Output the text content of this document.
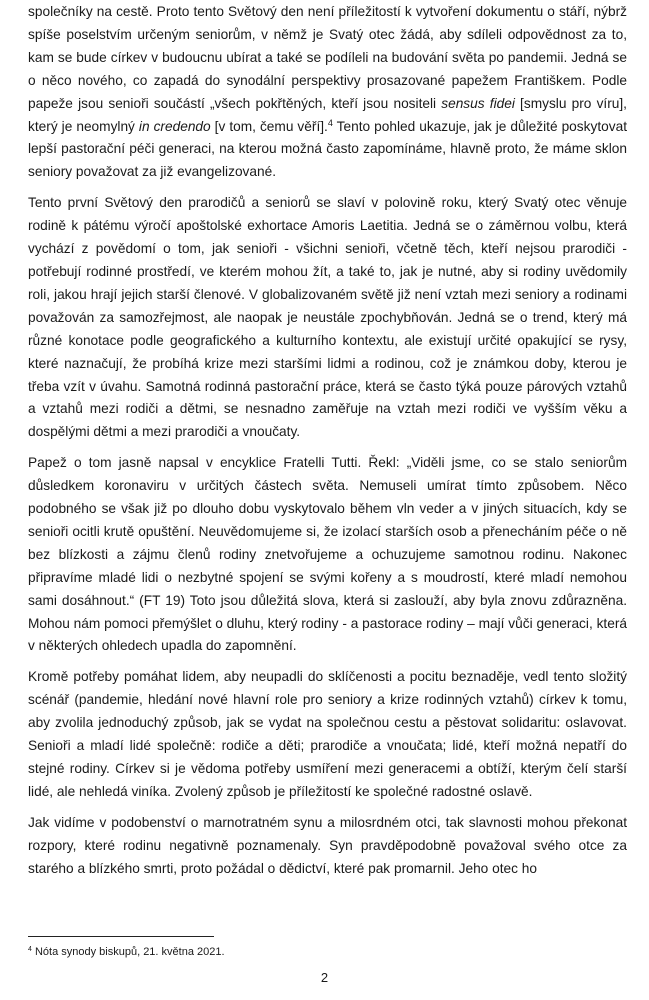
společníky na cestě. Proto tento Světový den není příležitostí k vytvoření dokumentu o stáří, nýbrž spíše poselstvím určeným seniorům, v němž je Svatý otec žádá, aby sdíleli odpovědnost za to, kam se bude církev v budoucnu ubírat a také se podíleli na budování světa po pandemii. Jedná se o něco nového, co zapadá do synodální perspektivy prosazované papežem Františkem. Podle papeže jsou senioři součástí „všech pokřtěných, kteří jsou nositeli sensus fidei [smyslu pro víru], který je neomylný in credendo [v tom, čemu věří].$^4$ Tento pohled ukazuje, jak je důležité poskytovat lepší pastorační péči generaci, na kterou možná často zapomínáme, hlavně proto, že máme sklon seniory považovat za již evangelizované.

Tento první Světový den prarodičů a seniorů se slaví v polovině roku, který Svatý otec věnuje rodině k pátému výročí apoštolské exhortace Amoris Laetitia. Jedná se o záměrnou volbu, která vychází z povědomí o tom, jak senioři - všichni senioři, včetně těch, kteří nejsou prarodiči - potřebují rodinné prostředí, ve kterém mohou žít, a také to, jak je nutné, aby si rodiny uvědomily roli, jakou hrají jejich starší členové. V globalizovaném světě již není vztah mezi seniory a rodinami považován za samozřejmost, ale naopak je neustále zpochybňován. Jedná se o trend, který má různé konotace podle geografického a kulturního kontextu, ale existují určité opakující se rysy, které naznačují, že probíhá krize mezi staršími lidmi a rodinou, což je známkou doby, kterou je třeba vzít v úvahu. Samotná rodinná pastorační práce, která se často týká pouze párových vztahů a vztahů mezi rodiči a dětmi, se nesnadno zaměřuje na vztah mezi rodiči ve vyšším věku a dospělými dětmi a mezi prarodiči a vnoučaty.

Papež o tom jasně napsal v encyklice Fratelli Tutti. Řekl: „Viděli jsme, co se stalo seniorům důsledkem koronaviru v určitých částech světa. Nemuseli umírat tímto způsobem. Něco podobného se však již po dlouho dobu vyskytovalo během vln veder a v jiných situacích, kdy se senioři ocitli krutě opuštění. Neuvědomujeme si, že izolací starších osob a přenecháním péče o ně bez blízkosti a zájmu členů rodiny znetvořujeme a ochuzujeme samotnou rodinu. Nakonec připravíme mladé lidi o nezbytné spojení se svými kořeny a s moudrostí, které mladí nemohou sami dosáhnout.“ (FT 19) Toto jsou důležitá slova, která si zaslouží, aby byla znovu zdůrazněna. Mohou nám pomoci přemýšlet o dluhu, který rodiny - a pastorace rodiny – mají vůči generaci, která v některých ohledech upadla do zapomnění.

Kromě potřeby pomáhat lidem, aby neupadli do sklíčenosti a pocitu beznaděje, vedl tento složitý scénář (pandemie, hledání nové hlavní role pro seniory a krize rodinných vztahů) církev k tomu, aby zvolila jednoduchý způsob, jak se vydat na společnou cestu a pěstovat solidaritu: oslavovat. Senioři a mladí lidé společně: rodiče a děti; prarodiče a vnoučata; lidé, kteří možná nepatří do stejné rodiny. Církev si je vědoma potřeby usmíření mezi generacemi a obtíží, kterým čelí starší lidé, ale nehledá viníka. Zvolený způsob je příležitostí ke společné radostné oslavě.

Jak vidíme v podobenství o marnotratném synu a milosrdném otci, tak slavnosti mohou překonat rozpory, které rodinu negativně poznamenaly. Syn pravděpodobně považoval svého otce za starého a blízkého smrti, proto požádal o dědictví, které pak promarnil. Jeho otec ho

$^4$ Nóta synody biskupů, 21. května 2021.
2
